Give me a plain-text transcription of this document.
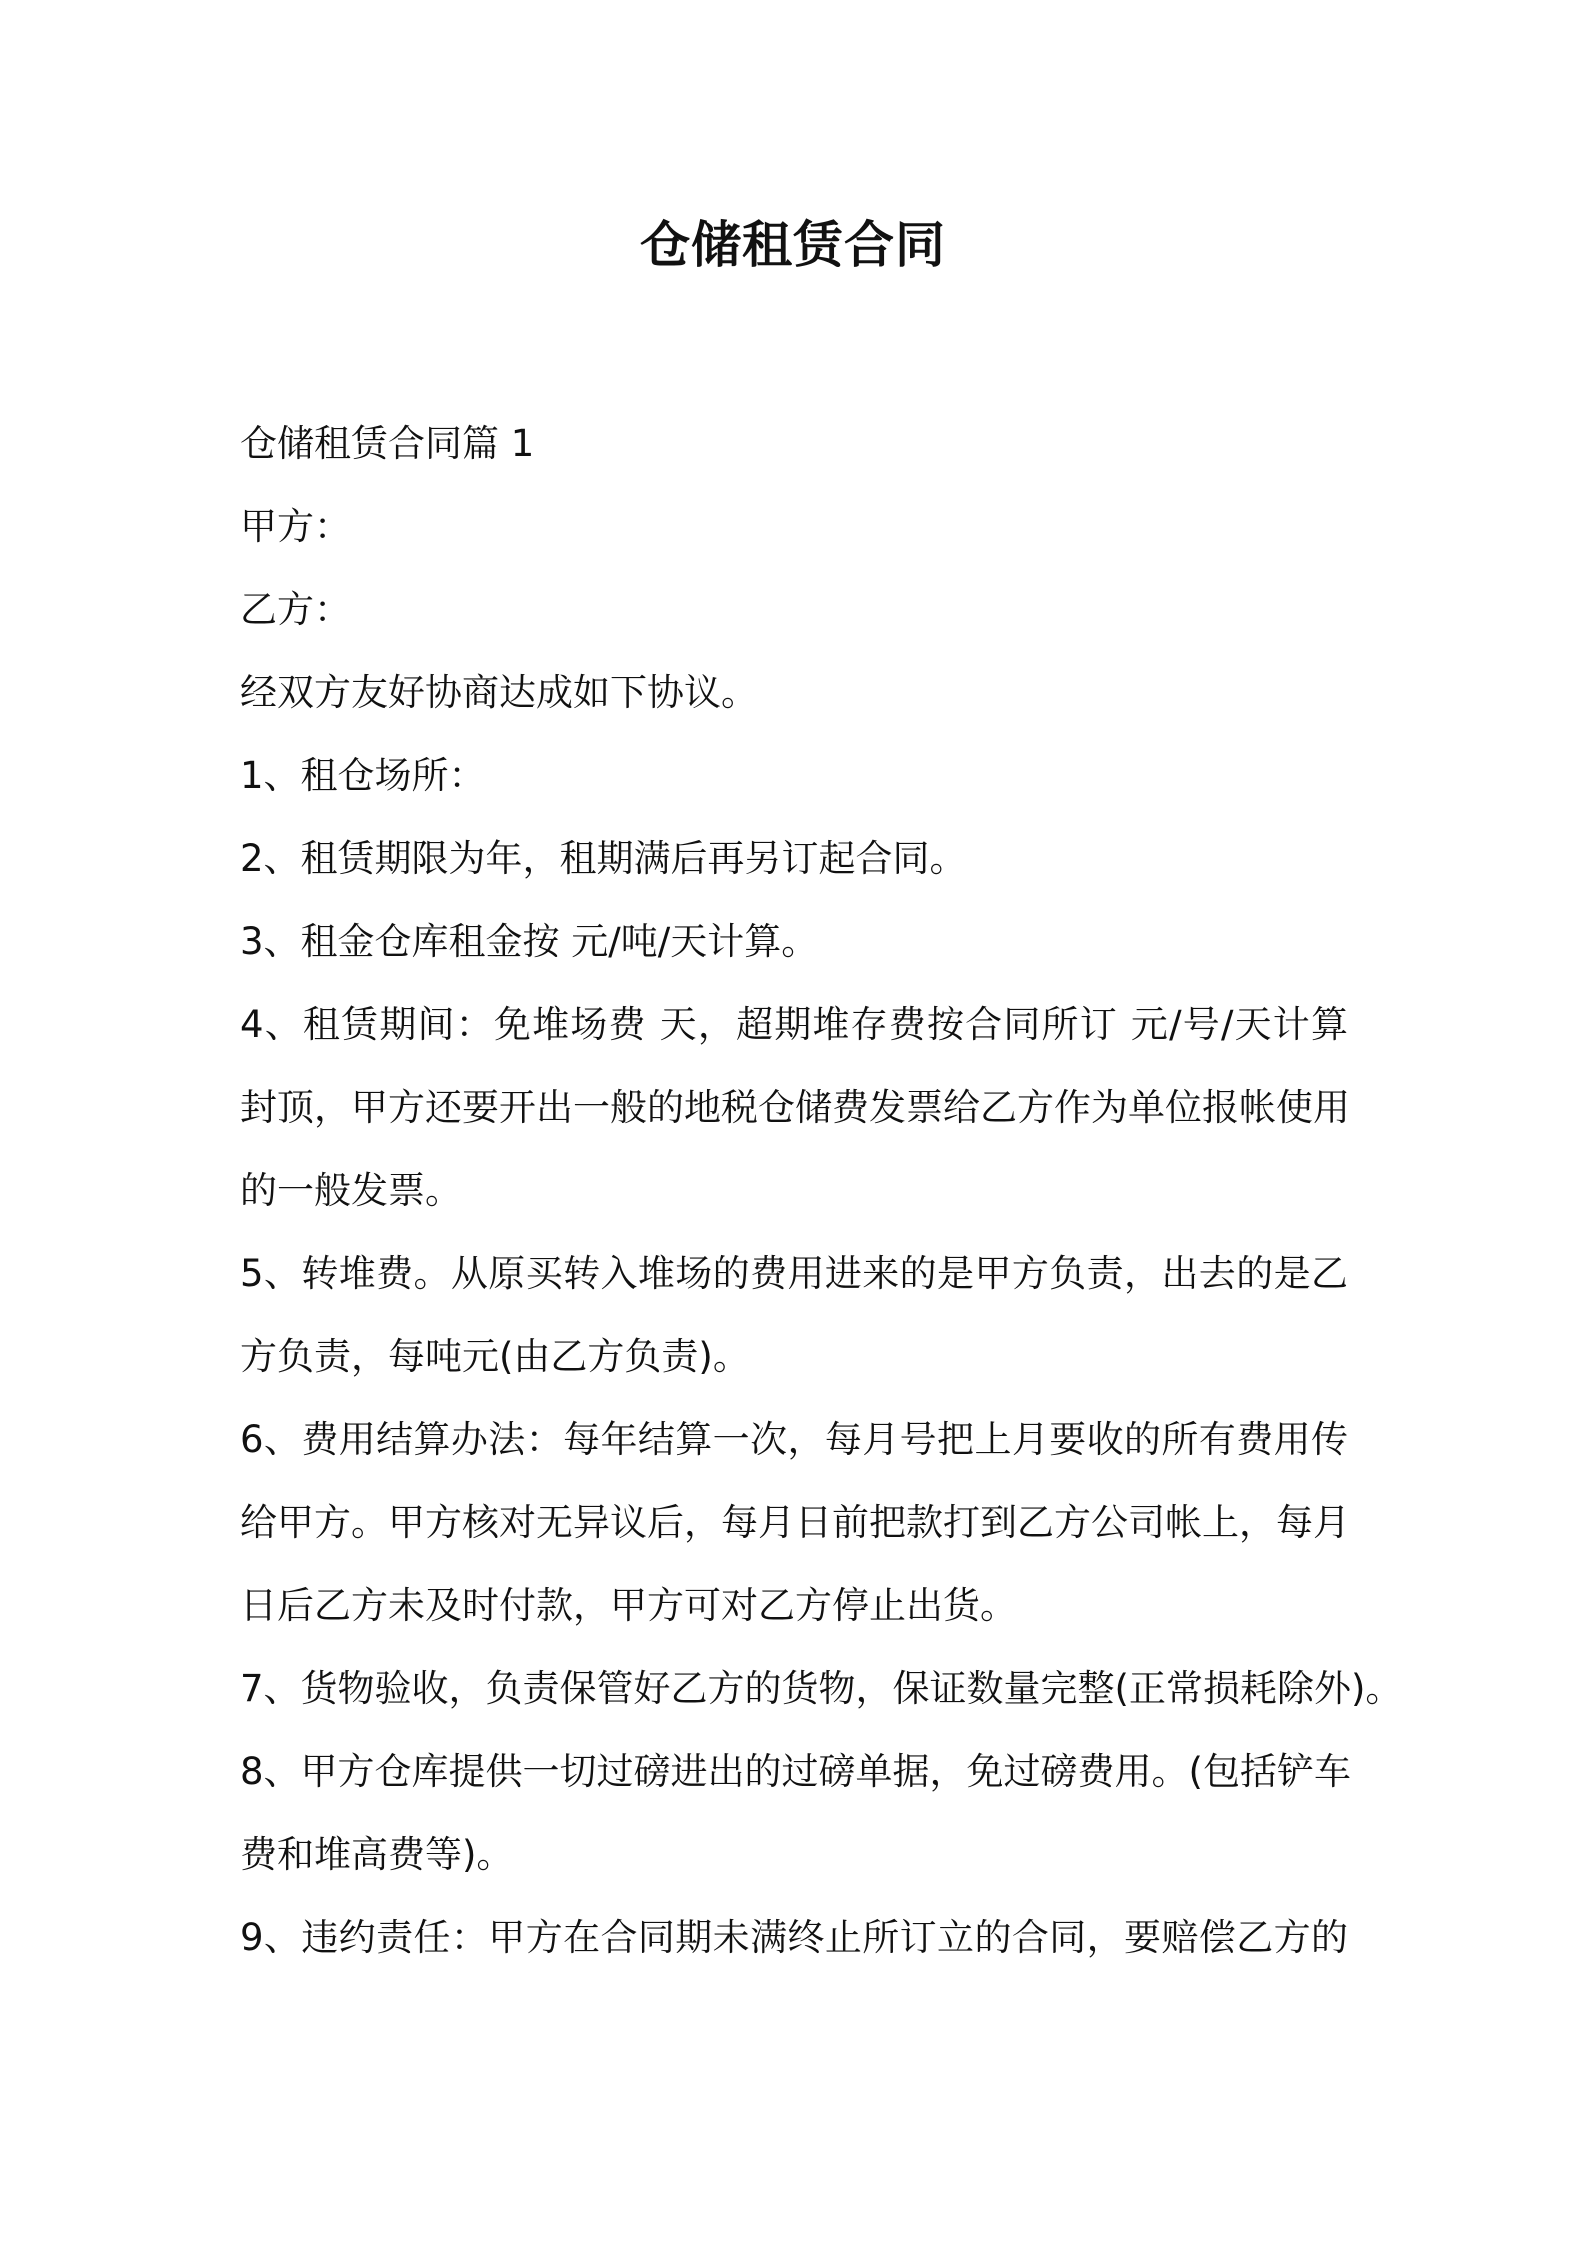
仓储租赁合同
仓储租赁合同篇 1
甲方：
乙方：
经双方友好协商达成如下协议。
1、租仓场所：
2、租赁期限为年，租期满后再另订起合同。
3、租金仓库租金按 元/吨/天计算。
4、租赁期间：免堆场费 天，超期堆存费按合同所订 元/号/天计算
封顶，甲方还要开出一般的地税仓储费发票给乙方作为单位报帐使用
的一般发票。
5、转堆费。从原买转入堆场的费用进来的是甲方负责，出去的是乙
方负责，每吨元(由乙方负责)。
6、费用结算办法：每年结算一次，每月号把上月要收的所有费用传
给甲方。甲方核对无异议后，每月日前把款打到乙方公司帐上，每月
日后乙方未及时付款，甲方可对乙方停止出货。
7、货物验收，负责保管好乙方的货物，保证数量完整(正常损耗除外)。
8、甲方仓库提供一切过磅进出的过磅单据，免过磅费用。(包括铲车
费和堆高费等)。
9、违约责任：甲方在合同期未满终止所订立的合同，要赔偿乙方的
